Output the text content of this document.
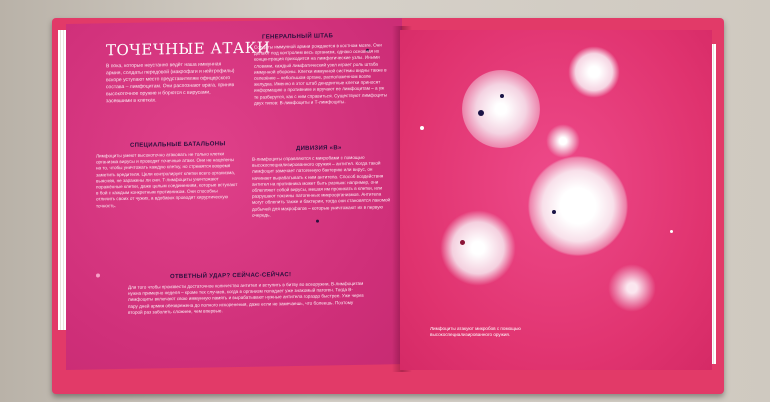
ТОЧЕЧНЫЕ АТАКИ
В пока, которые неустанно ведёт наша иммунная армия, солдаты передовой (макрофаги и нейтрофилы) вскоре уступают место представителям офицерского состава – лимфоцитам. Они распознают врага, приняв высокоточное оружие и борются с вирусами, засевшими в клетках.
ГЕНЕРАЛЬНЫЙ ШТАБ
Солдаты иммунной армии рождаются в костном мозге. Они делают под контролем весь организм, однако основная их концентрация приходится на лимфатические узлы. Иными словами, каждый лимфатический узел играет роль штаба иммунной обороны. Клетки иммунной системы видны также в селезёнке – небольшом органе, расположенном возле желудка. Именно в этот штаб дендритные клетки приносят информацию о противнике и вручают ее лимфоцитам – а уж те разберутся, как с ним справиться. Существуют лимфоциты двух типов: В-лимфоциты и Т-лимфоциты.
СПЕЦИАЛЬНЫЕ БАТАЛЬОНЫ
Лимфоциты умеют высокоточно атаковать не только клетки организма вирусы и проводят точечные атаки. Они не нацелены на то, чтобы уничтожать каждую клетку, но стремятся вовремя заметить вредителя. Цели контролирует клетки всего организма, выясняя, не заражены ли они. Т-лимфоциты уничтожают поражённые клетки, даже целым соединениям, которые вступают в бой с каждым конкретным противником. Они способны отличить своих от чужих, а вдобавок проводят хирургическую точность.
ДИВИЗИЯ «В»
В-лимфоциты справляются с микробами с помощью высокоспециализированного оружия – антител. Когда такой лимфоцит замечает патогенную бактерию или вирус, он начинает вырабатывать к ним антитела. Способ воздействия антител на противника может быть разным: например, они облепляют собой вирусы, мешая им проникать в клетки, или разрушают токсины патогенных микроорганизмов. Антитела могут облепить также и бактерии, тогда они становятся лакомой добычей для макрофагов – которые уничтожают их в первую очередь.
ОТВЕТНЫЙ УДАР? СЕЙЧАС-СЕЙЧАС!
Для того чтобы произвести достаточное количество антител и вступить в битву во всеоружии, В-лимфоцитам нужна примерно неделя – кроме тех случаев, когда в организм попадает уже знакомый патоген. Тогда В-лимфоциты включают свою иммунную память и вырабатывают нужные антитела гораздо быстрее. Уже через пару дней армия обезврежена до полного искоренения, даже если не замечаешь, что болеешь. Поэтому второй раз заболеть сложнее, чем впервые.
Лимфоциты атакуют микробов с помощью высокоспециализированного оружия.
